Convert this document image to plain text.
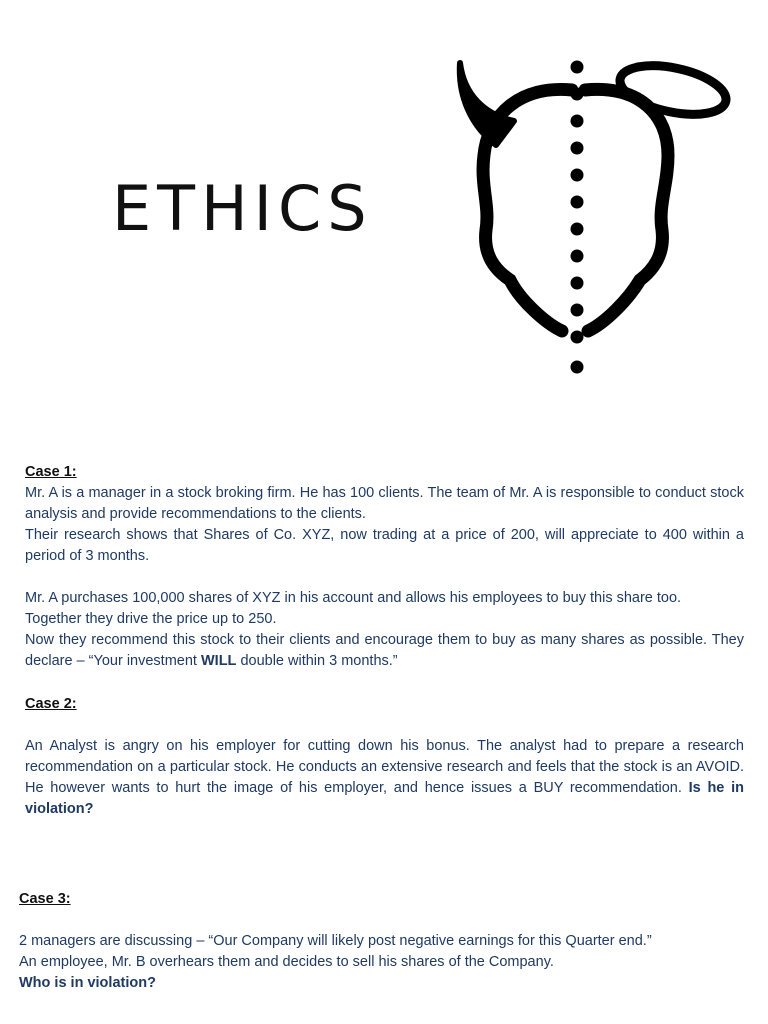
ETHICS

Case 1:

Mr. A is a manager in a stock broking firm. He has 100 clients. The team of Mr. A is responsible to conduct stock analysis and provide recommendations to the clients.

Their research shows that Shares of Co. XYZ, now trading at a price of 200, will appreciate to 400 within a period of 3 months.

Mr. A purchases 100,000 shares of XYZ in his account and allows his employees to buy this share too.

Together they drive the price up to 250.

Now they recommend this stock to their clients and encourage them to buy as many shares as possible. They declare – “Your investment WILL double within 3 months.”

Case 2:

An Analyst is angry on his employer for cutting down his bonus. The analyst had to prepare a research recommendation on a particular stock. He conducts an extensive research and feels that the stock is an AVOID. He however wants to hurt the image of his employer, and hence issues a BUY recommendation. Is he in violation?

Case 3:

2 managers are discussing – “Our Company will likely post negative earnings for this Quarter end.”

An employee, Mr. B overhears them and decides to sell his shares of the Company.

Who is in violation?
